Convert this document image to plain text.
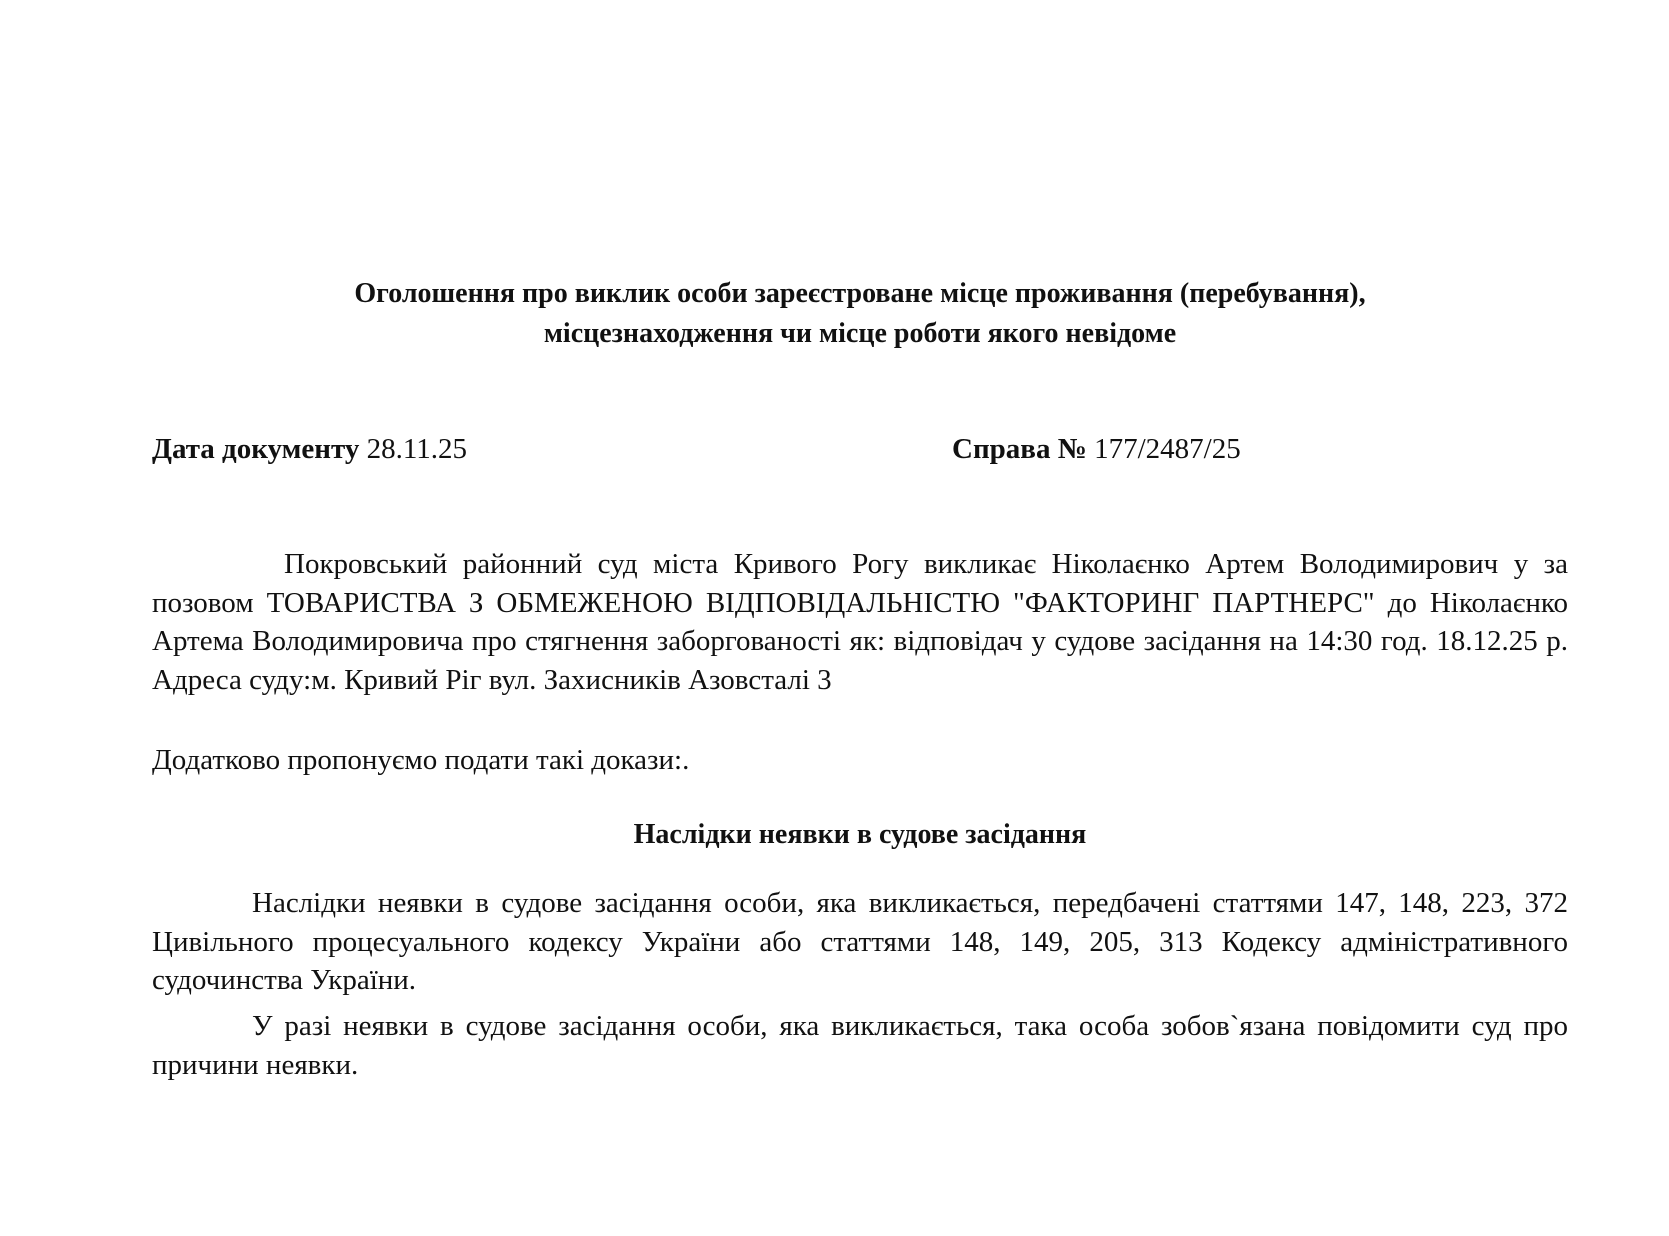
Оголошення про виклик особи зареєстроване місце проживання (перебування),
місцезнаходження чи місце роботи якого невідоме
Дата документу 28.11.25	Справа № 177/2487/25
Покровський районний суд міста Кривого Рогу викликає Ніколаєнко Артем Володимирович у за позовом ТОВАРИСТВА З ОБМЕЖЕНОЮ ВІДПОВІДАЛЬНІСТЮ "ФАКТОРИНГ ПАРТНЕРС" до Ніколаєнко Артема Володимировича про стягнення заборгованості як: відповідач у судове засідання на 14:30 год. 18.12.25 р. Адреса суду:м. Кривий Ріг вул. Захисників Азовсталі 3
Додатково пропонуємо подати такі докази:.
Наслідки неявки в судове засідання
Наслідки неявки в судове засідання особи, яка викликається, передбачені статтями 147, 148, 223, 372 Цивільного процесуального кодексу України або статтями 148, 149, 205, 313 Кодексу адміністративного судочинства України.
У разі неявки в судове засідання особи, яка викликається, така особа зобов`язана повідомити суд про причини неявки.
